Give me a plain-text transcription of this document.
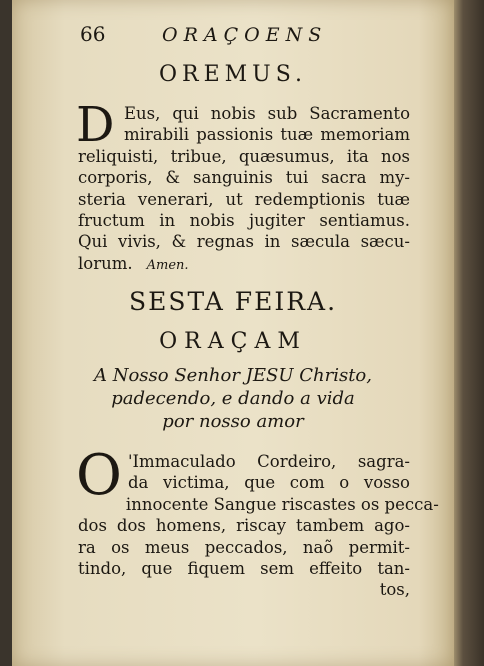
66	ORAÇOENS
OREMUS.
D Eus, qui nobis sub Sacramento
mirabili passionis tuæ memoriam
reliquisti, tribue, quæsumus, ita nos
corporis, & sanguinis tui sacra my-
steria venerari, ut redemptionis tuæ
fructum in nobis jugiter sentiamus.
Qui vivis, & regnas in sæcula sæcu-
lorum. Amen.
SESTA FEIRA.
ORAÇAM
A Nosso Senhor JESU Christo,
padecendo, e dando a vida
por nosso amor
O 'Immaculado Cordeiro, sagra-
da victima, que com o vosso
innocente Sangue riscastes os pecca-
dos dos homens, riscay tambem ago-
ra os meus peccados, naõ permit-
tindo, que fiquem sem effeito tan-
tos,
